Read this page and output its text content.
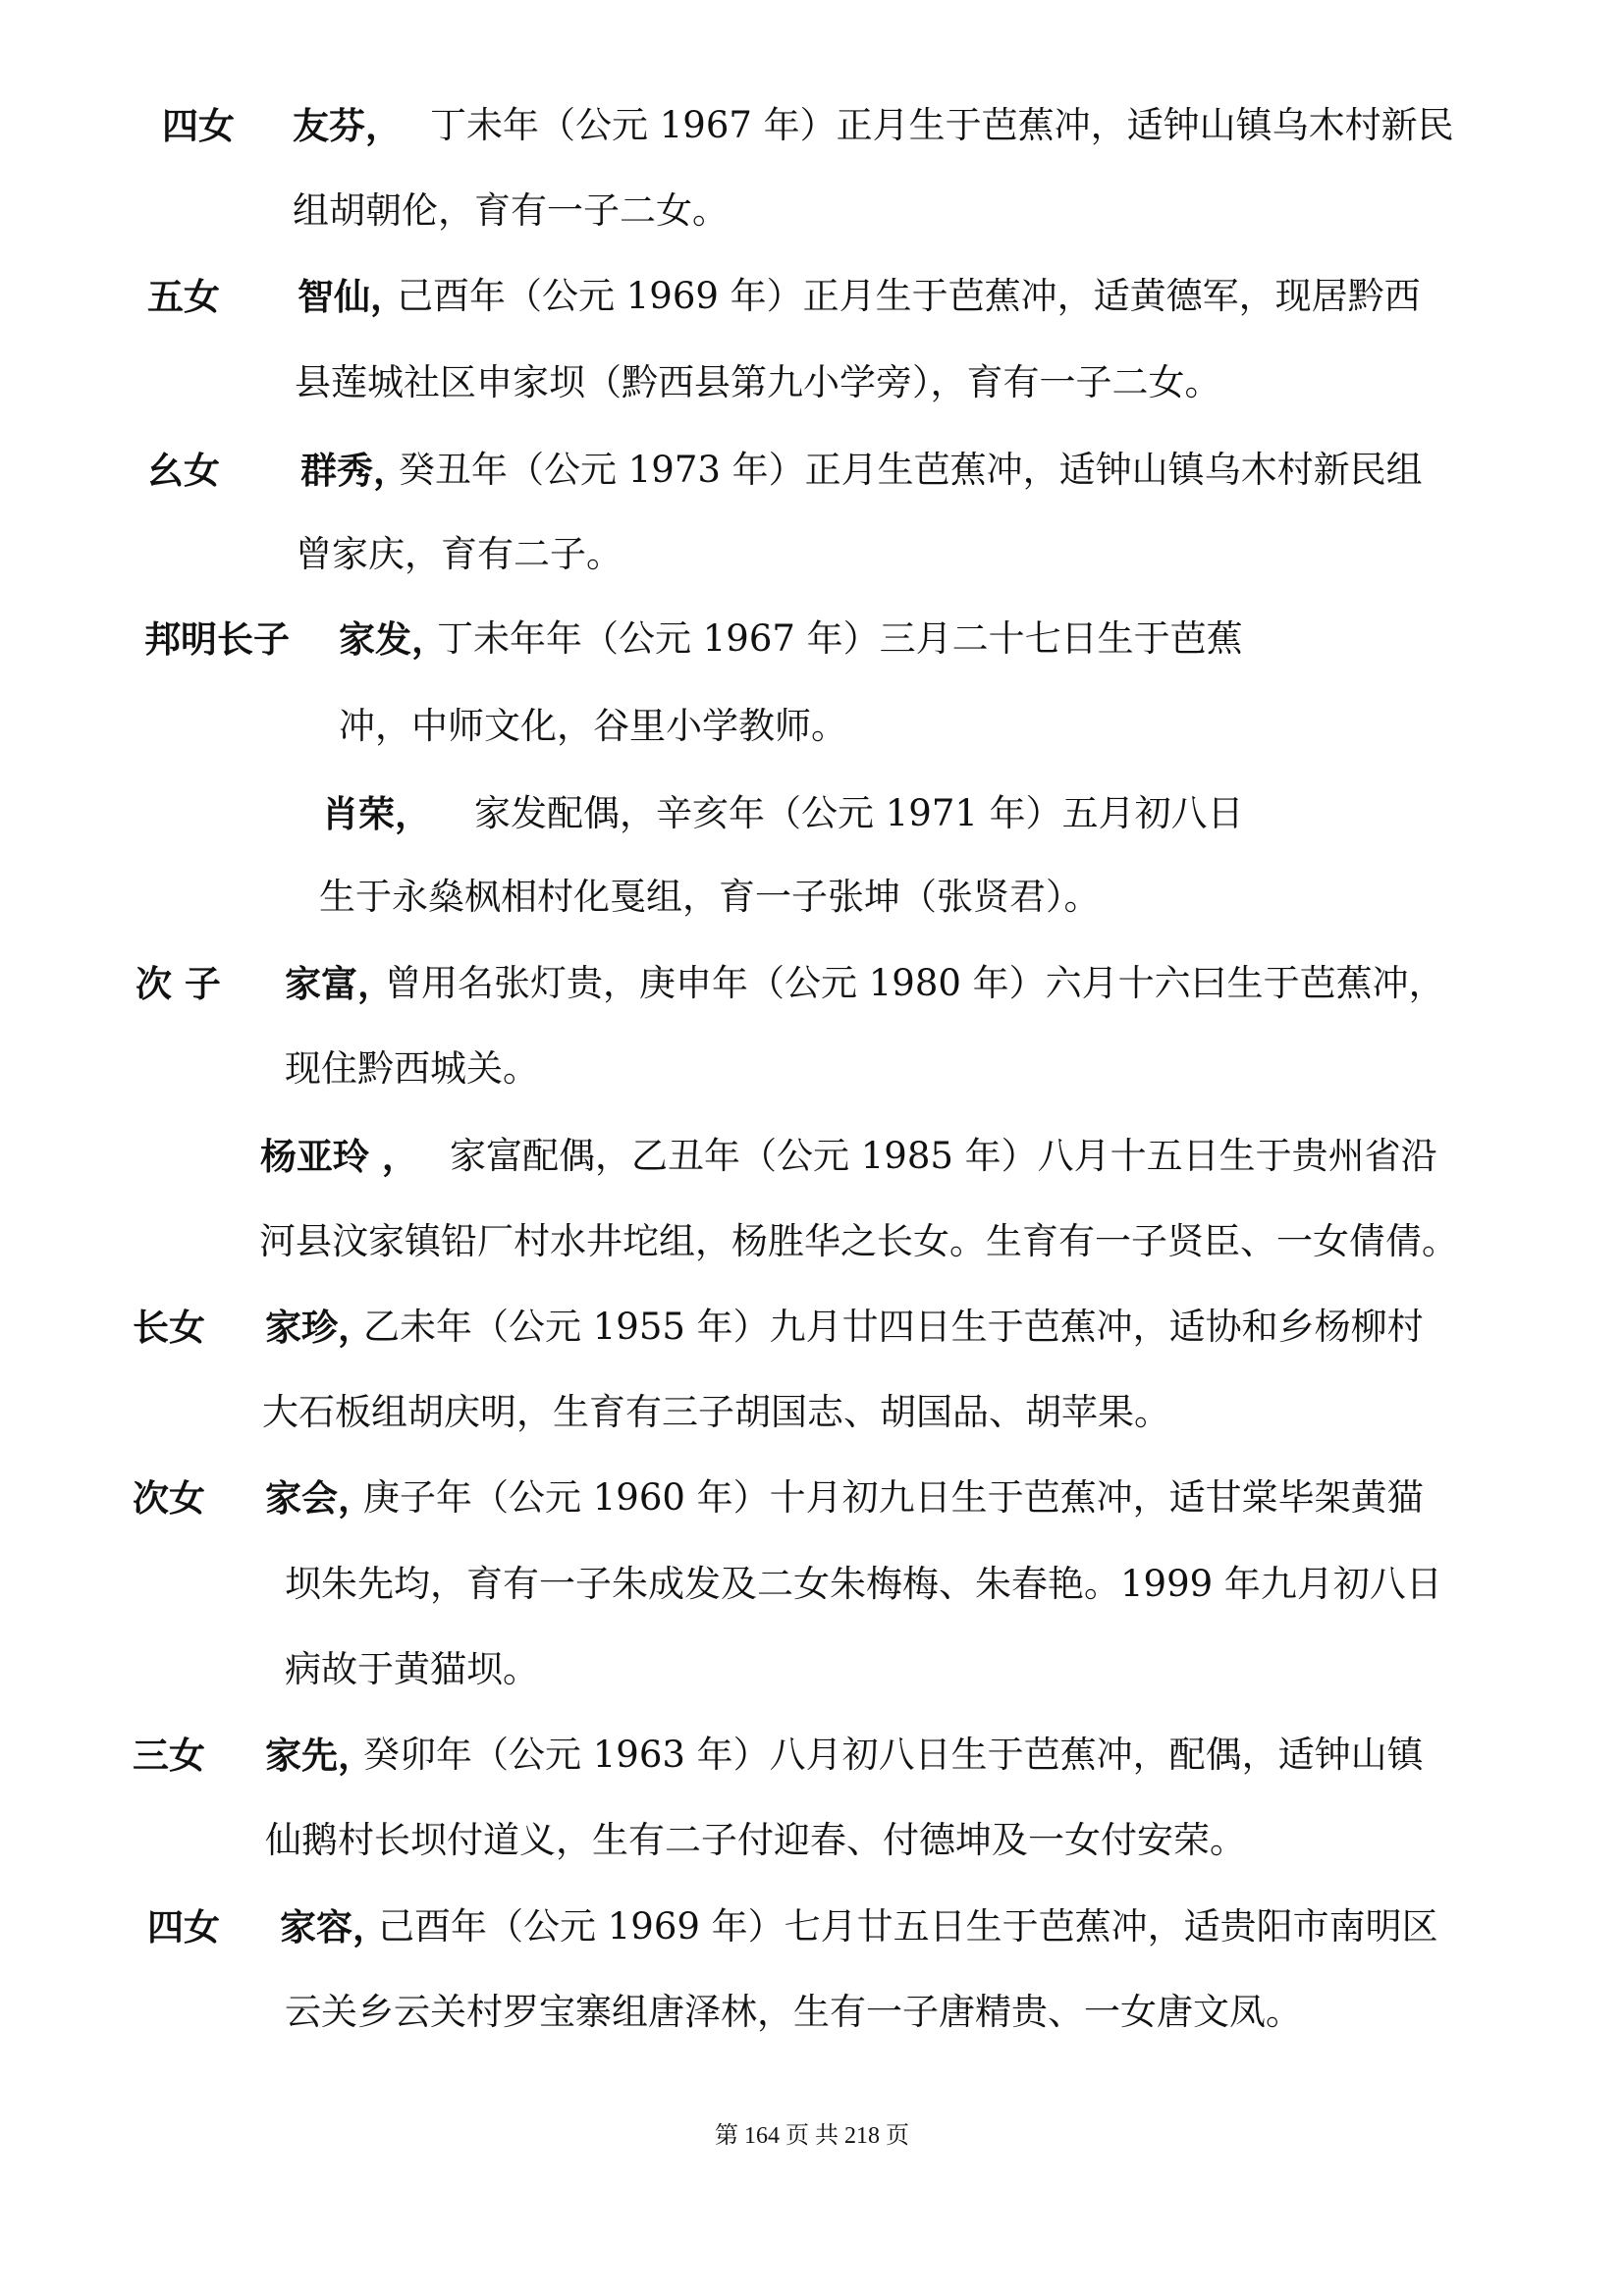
四女 友芬， 丁未年（公元 1967 年）正月生于芭蕉冲，适钟山镇乌木村新民
组胡朝伦，育有一子二女。
五女 智仙，
己酉年（公元 1969 年）正月生于芭蕉冲，适黄德军，现居黔西
县莲城社区申家坝（黔西县第九小学旁），育有一子二女。
幺女 群秀，
癸丑年（公元 1973 年）正月生芭蕉冲，适钟山镇乌木村新民组
曾家庆，育有二子。
邦明长子 家发，
丁未年年（公元 1967 年）三月二十七日生于芭蕉
冲，中师文化，谷里小学教师。
肖荣， 家发配偶，辛亥年（公元 1971 年）五月初八日
生于永燊枫相村化戛组，育一子张坤（张贤君）。
次 子 家富，
曾用名张灯贵，庚申年（公元 1980 年）六月十六曰生于芭蕉冲，
现住黔西城关。
杨亚玲 ， 家富配偶，乙丑年（公元 1985 年）八月十五日生于贵州省沿
河县汶家镇铅厂村水井坨组，杨胜华之长女。生育有一子贤臣、一女倩倩。
长女 家珍，
乙未年（公元 1955 年）九月廿四日生于芭蕉冲，适协和乡杨柳村
大石板组胡庆明，生育有三子胡国志、胡国品、胡苹果。
次女 家会，
庚子年（公元 1960 年）十月初九日生于芭蕉冲，适甘棠毕架黄猫
坝朱先均，育有一子朱成发及二女朱梅梅、朱春艳。1999 年九月初八日
病故于黄猫坝。
三女 家先，
癸卯年（公元 1963 年）八月初八日生于芭蕉冲，配偶，适钟山镇
仙鹅村长坝付道义，生有二子付迎春、付德坤及一女付安荣。
四女 家容，
己酉年（公元 1969 年）七月廿五日生于芭蕉冲，适贵阳市南明区
云关乡云关村罗宝寨组唐泽林，生有一子唐精贵、一女唐文凤。
第 164 页 共 218 页
